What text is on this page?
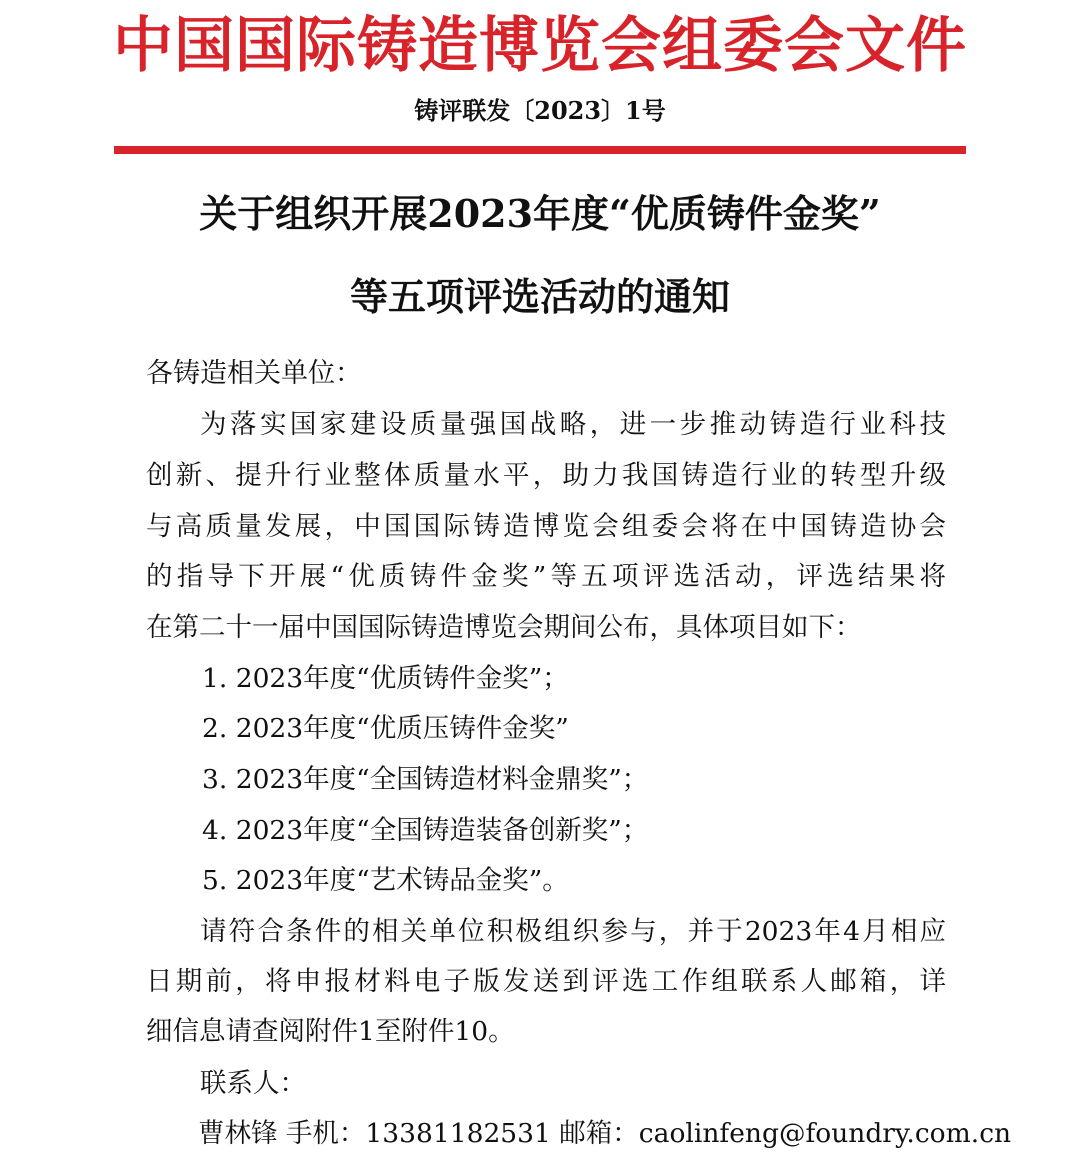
中国国际铸造博览会组委会文件
铸评联发〔2023〕1号
关于组织开展2023年度“优质铸件金奖”
等五项评选活动的通知
各铸造相关单位：
为落实国家建设质量强国战略，进一步推动铸造行业科技
创新、提升行业整体质量水平，助力我国铸造行业的转型升级
与高质量发展，中国国际铸造博览会组委会将在中国铸造协会
的指导下开展“优质铸件金奖”等五项评选活动，评选结果将
在第二十一届中国国际铸造博览会期间公布，具体项目如下：
1. 2023年度“优质铸件金奖”；
2. 2023年度“优质压铸件金奖”
3. 2023年度“全国铸造材料金鼎奖”；
4. 2023年度“全国铸造装备创新奖”；
5. 2023年度“艺术铸品金奖”。
请符合条件的相关单位积极组织参与，并于2023年4月相应
日期前，将申报材料电子版发送到评选工作组联系人邮箱，详
细信息请查阅附件1至附件10。
联系人：
曹林锋 手机：13381182531 邮箱：caolinfeng@foundry.com.cn
